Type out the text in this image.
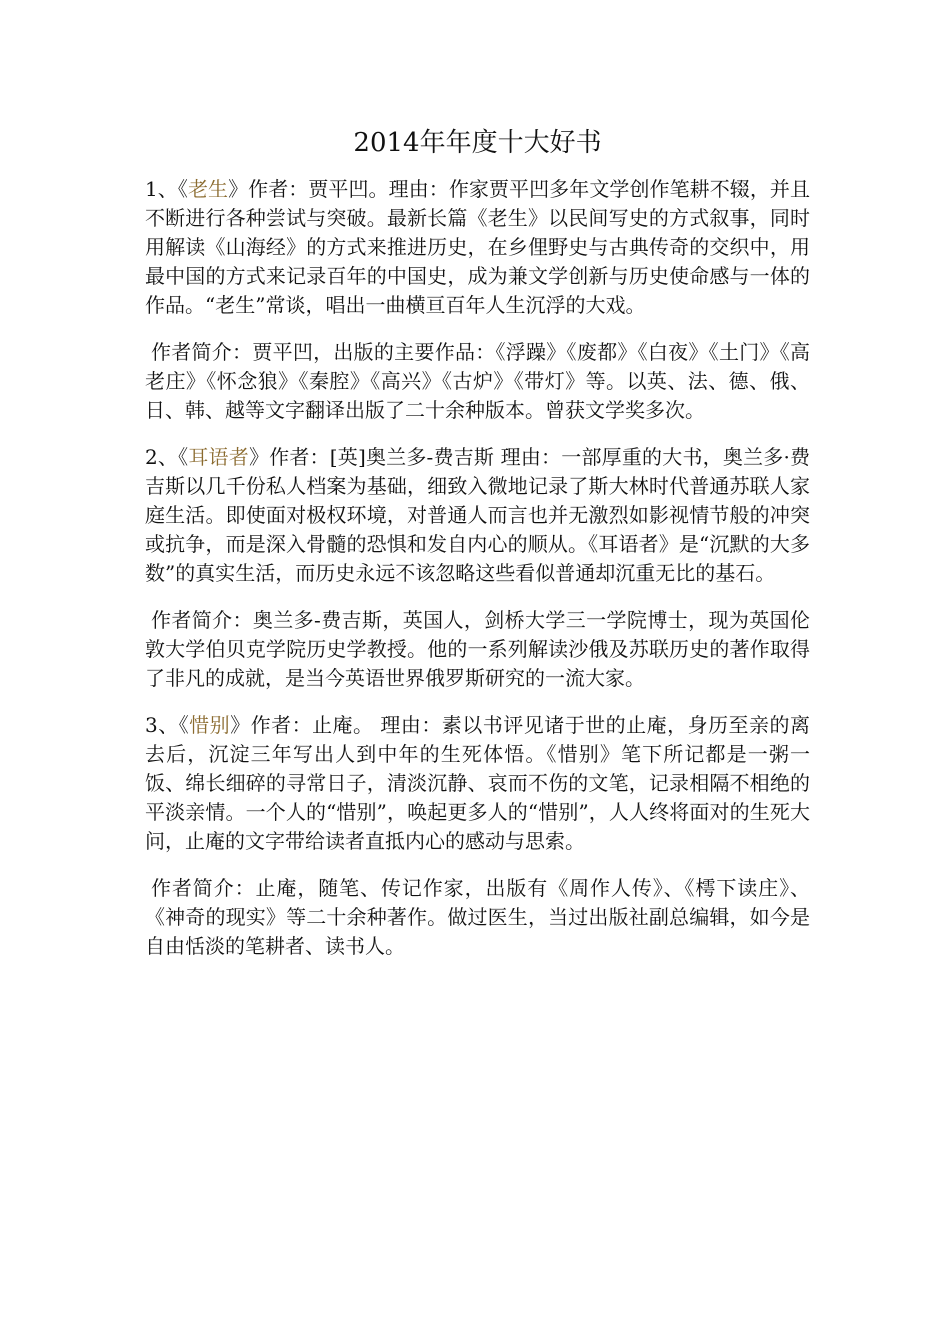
2014年年度十大好书

1、《老生》作者：贾平凹。理由：作家贾平凹多年文学创作笔耕不辍，并且不断进行各种尝试与突破。最新长篇《老生》以民间写史的方式叙事，同时用解读《山海经》的方式来推进历史，在乡俚野史与古典传奇的交织中，用最中国的方式来记录百年的中国史，成为兼文学创新与历史使命感与一体的作品。“老生”常谈，唱出一曲横亘百年人生沉浮的大戏。

作者简介：贾平凹，出版的主要作品：《浮躁》《废都》《白夜》《土门》《高老庄》《怀念狼》《秦腔》《高兴》《古炉》《带灯》等。以英、法、德、俄、日、韩、越等文字翻译出版了二十余种版本。曾获文学奖多次。

2、《耳语者》作者：[英]奥兰多-费吉斯 理由：一部厚重的大书，奥兰多·费吉斯以几千份私人档案为基础，细致入微地记录了斯大林时代普通苏联人家庭生活。即使面对极权环境，对普通人而言也并无激烈如影视情节般的冲突或抗争，而是深入骨髓的恐惧和发自内心的顺从。《耳语者》是“沉默的大多数”的真实生活，而历史永远不该忽略这些看似普通却沉重无比的基石。

作者简介：奥兰多-费吉斯，英国人，剑桥大学三一学院博士，现为英国伦敦大学伯贝克学院历史学教授。他的一系列解读沙俄及苏联历史的著作取得了非凡的成就，是当今英语世界俄罗斯研究的一流大家。

3、《惜别》作者：止庵。 理由：素以书评见诸于世的止庵，身历至亲的离去后，沉淀三年写出人到中年的生死体悟。《惜别》笔下所记都是一粥一饭、绵长细碎的寻常日子，清淡沉静、哀而不伤的文笔，记录相隔不相绝的平淡亲情。一个人的“惜别”，唤起更多人的“惜别”，人人终将面对的生死大问，止庵的文字带给读者直抵内心的感动与思索。

作者简介：止庵，随笔、传记作家，出版有《周作人传》、《樗下读庄》、《神奇的现实》等二十余种著作。做过医生，当过出版社副总编辑，如今是自由恬淡的笔耕者、读书人。
